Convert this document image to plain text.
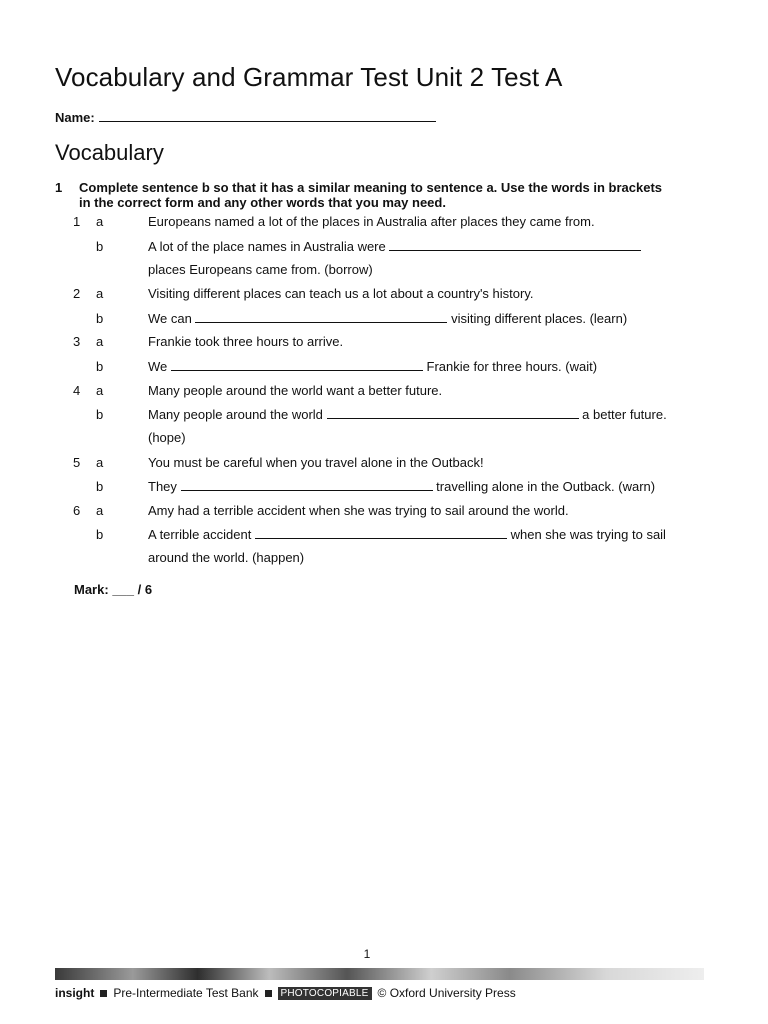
Vocabulary and Grammar Test Unit 2 Test A
Name:
Vocabulary
1 Complete sentence b so that it has a similar meaning to sentence a. Use the words in brackets in the correct form and any other words that you may need.
1 a	Europeans named a lot of the places in Australia after places they came from.
b	A lot of the place names in Australia were
places Europeans came from. (borrow)
2 a	Visiting different places can teach us a lot about a country's history.
b	We can	visiting different places. (learn)
3 a	Frankie took three hours to arrive.
b	We	Frankie for three hours. (wait)
4 a	Many people around the world want a better future.
b	Many people around the world	a better future.
(hope)
5 a	You must be careful when you travel alone in the Outback!
b	They	travelling alone in the Outback. (warn)
6 a	Amy had a terrible accident when she was trying to sail around the world.
b	A terrible accident	when she was trying to sail
around the world. (happen)
Mark: ___ / 6
1
insight Pre-Intermediate Test Bank	PHOTOCOPIABLE © Oxford University Press
